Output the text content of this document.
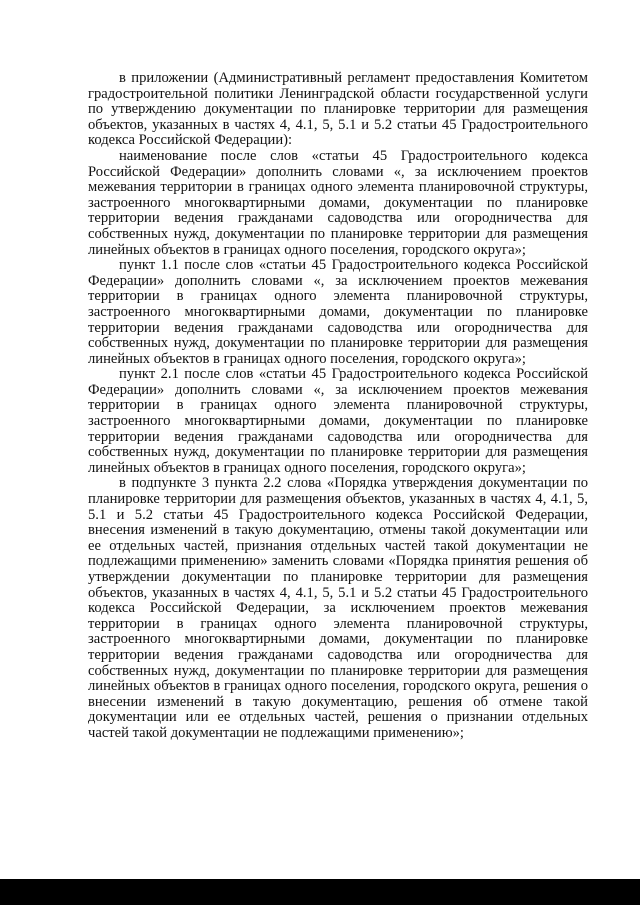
в приложении (Административный регламент предоставления Комитетом градостроительной политики Ленинградской области государственной услуги по утверждению документации по планировке территории для размещения объектов, указанных в частях 4, 4.1, 5, 5.1 и 5.2 статьи 45 Градостроительного кодекса Российской Федерации):

наименование после слов «статьи 45 Градостроительного кодекса Российской Федерации» дополнить словами «, за исключением проектов межевания территории в границах одного элемента планировочной структуры, застроенного многоквартирными домами, документации по планировке территории ведения гражданами садоводства или огородничества для собственных нужд, документации по планировке территории для размещения линейных объектов в границах одного поселения, городского округа»;

пункт 1.1 после слов «статьи 45 Градостроительного кодекса Российской Федерации» дополнить словами «, за исключением проектов межевания территории в границах одного элемента планировочной структуры, застроенного многоквартирными домами, документации по планировке территории ведения гражданами садоводства или огородничества для собственных нужд, документации по планировке территории для размещения линейных объектов в границах одного поселения, городского округа»;

пункт 2.1 после слов «статьи 45 Градостроительного кодекса Российской Федерации» дополнить словами «, за исключением проектов межевания территории в границах одного элемента планировочной структуры, застроенного многоквартирными домами, документации по планировке территории ведения гражданами садоводства или огородничества для собственных нужд, документации по планировке территории для размещения линейных объектов в границах одного поселения, городского округа»;

в подпункте 3 пункта 2.2 слова «Порядка утверждения документации по планировке территории для размещения объектов, указанных в частях 4, 4.1, 5, 5.1 и 5.2 статьи 45 Градостроительного кодекса Российской Федерации, внесения изменений в такую документацию, отмены такой документации или ее отдельных частей, признания отдельных частей такой документации не подлежащими применению» заменить словами «Порядка принятия решения об утверждении документации по планировке территории для размещения объектов, указанных в частях 4, 4.1, 5, 5.1 и 5.2 статьи 45 Градостроительного кодекса Российской Федерации, за исключением проектов межевания территории в границах одного элемента планировочной структуры, застроенного многоквартирными домами, документации по планировке территории ведения гражданами садоводства или огородничества для собственных нужд, документации по планировке территории для размещения линейных объектов в границах одного поселения, городского округа, решения о внесении изменений в такую документацию, решения об отмене такой документации или ее отдельных частей, решения о признании отдельных частей такой документации не подлежащими применению»;
